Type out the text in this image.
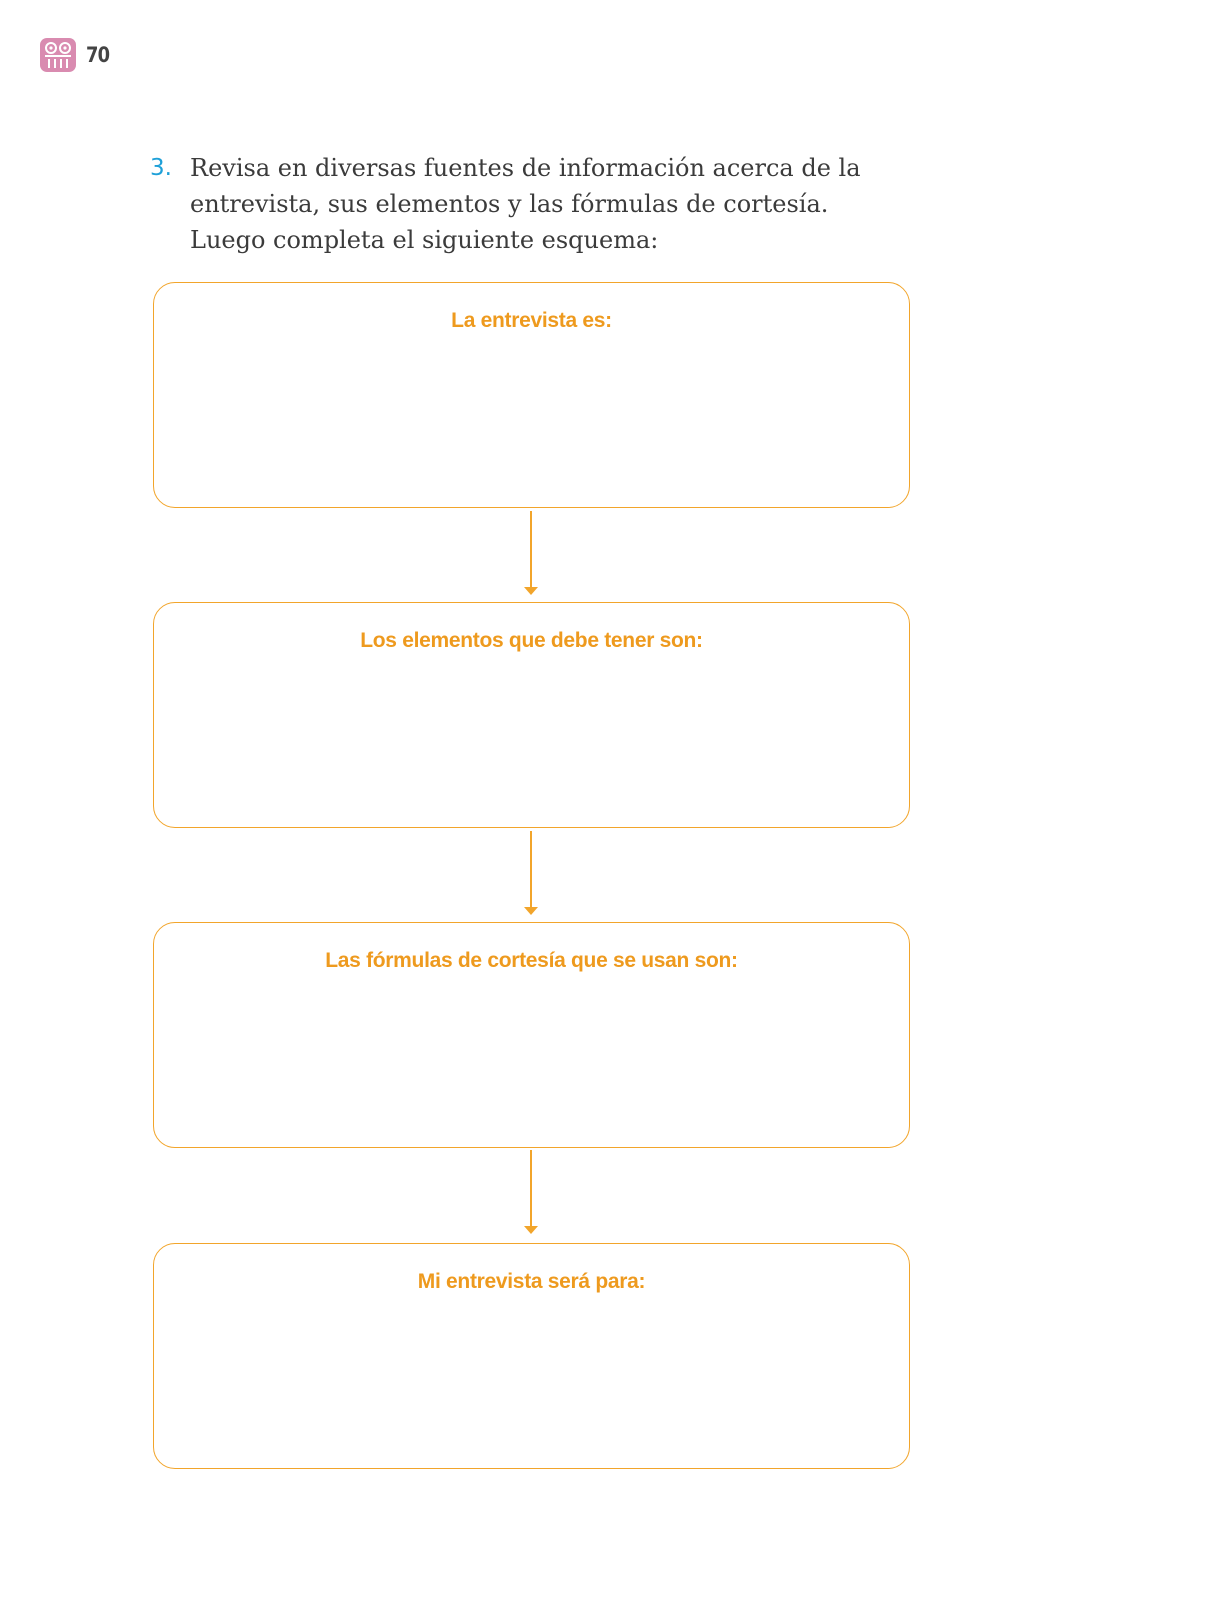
70
3. Revisa en diversas fuentes de información acerca de la entrevista, sus elementos y las fórmulas de cortesía. Luego completa el siguiente esquema:
La entrevista es:
Los elementos que debe tener son:
Las fórmulas de cortesía que se usan son:
Mi entrevista será para:
